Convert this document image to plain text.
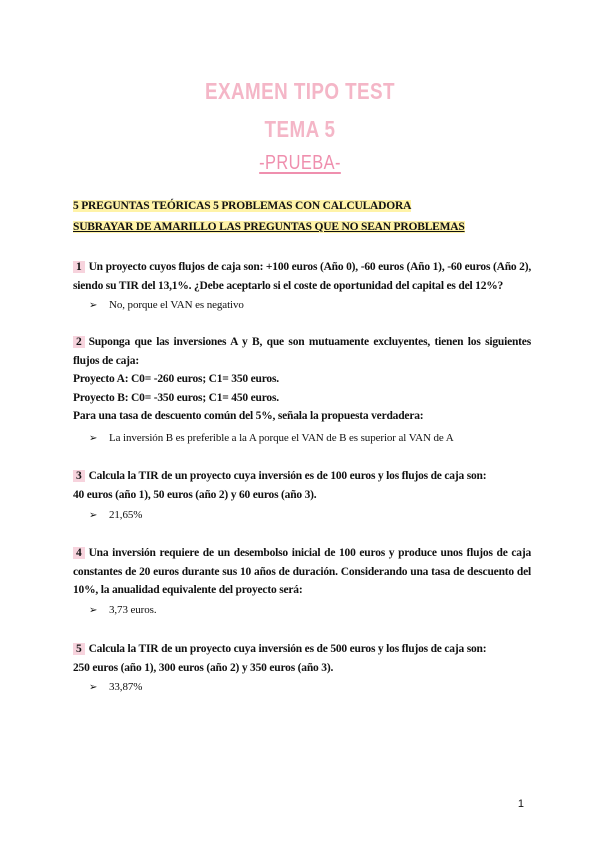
EXAMEN TIPO TEST
TEMA 5
-PRUEBA-
5 PREGUNTAS TEÓRICAS 5 PROBLEMAS CON CALCULADORA
SUBRAYAR DE AMARILLO LAS PREGUNTAS QUE NO SEAN PROBLEMAS
1 Un proyecto cuyos flujos de caja son: +100 euros (Año 0), -60 euros (Año 1), -60 euros (Año 2), siendo su TIR del 13,1%. ¿Debe aceptarlo si el coste de oportunidad del capital es del 12%?
➢ No, porque el VAN es negativo
2 Suponga que las inversiones A y B, que son mutuamente excluyentes, tienen los siguientes flujos de caja:
Proyecto A: C0= -260 euros; C1= 350 euros.
Proyecto B: C0= -350 euros; C1= 450 euros.
Para una tasa de descuento común del 5%, señala la propuesta verdadera:
➢ La inversión B es preferible a la A porque el VAN de B es superior al VAN de A
3 Calcula la TIR de un proyecto cuya inversión es de 100 euros y los flujos de caja son:
40 euros (año 1), 50 euros (año 2) y 60 euros (año 3).
➢ 21,65%
4 Una inversión requiere de un desembolso inicial de 100 euros y produce unos flujos de caja constantes de 20 euros durante sus 10 años de duración. Considerando una tasa de descuento del 10%, la anualidad equivalente del proyecto será:
➢ 3,73 euros.
5 Calcula la TIR de un proyecto cuya inversión es de 500 euros y los flujos de caja son:
250 euros (año 1), 300 euros (año 2) y 350 euros (año 3).
➢ 33,87%
1
